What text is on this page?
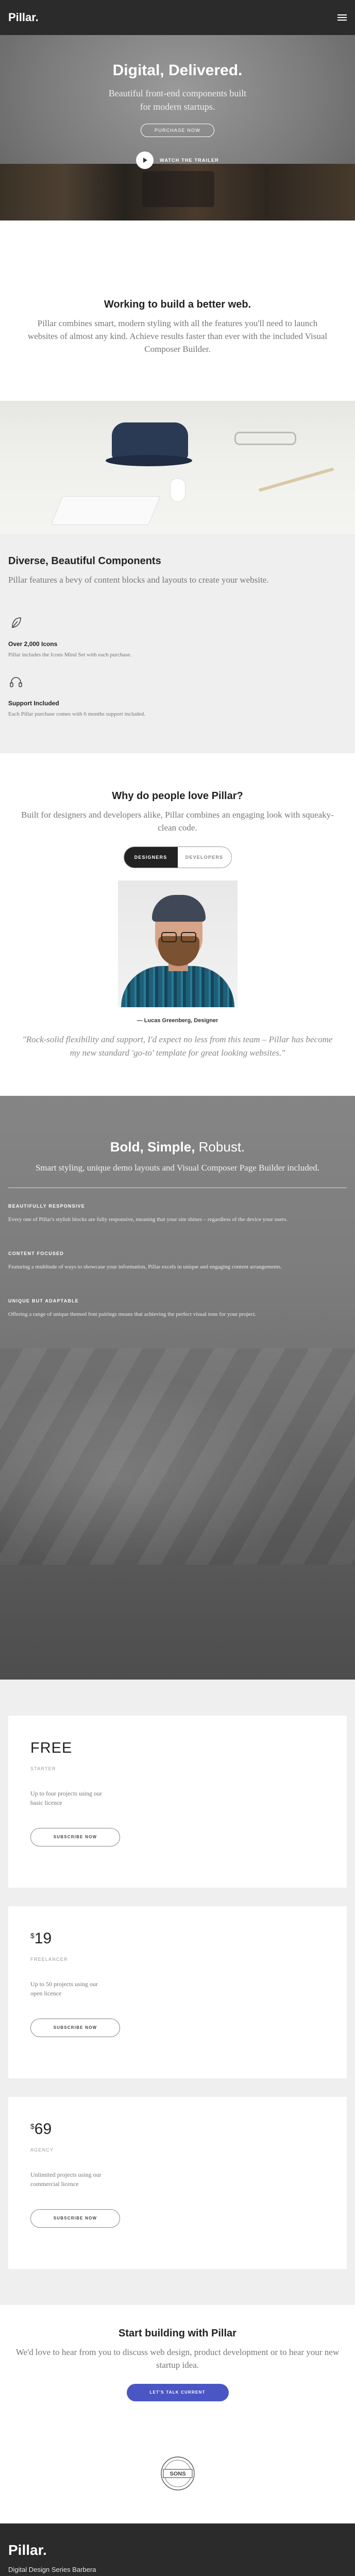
Pillar.
Digital, Delivered.

Beautiful front-end components built for modern startups.

PURCHASE NOW
WATCH THE TRAILER
Working to build a better web.

Pillar combines smart, modern styling with all the features you'll need to launch websites of almost any kind. Achieve results faster than ever with the included Visual Composer Builder.

Diverse, Beautiful Components

Pillar features a bevy of content blocks and layouts to create your website.

Over 2,000 Icons
Pillar includes the Icons Mind Set with each purchase.
Support Included
Each Pillar purchase comes with 6 months support included.
Why do people love Pillar?

Built for designers and developers alike, Pillar combines an engaging look with squeaky-clean code.

DESIGNERS	DEVELOPERS
— Lucas Greenberg, Designer

"Rock-solid flexibility and support, I'd expect no less from this team – Pillar has become my new standard 'go-to' template for great looking websites."

Bold, Simple, Robust.

Smart styling, unique demo layouts and Visual Composer Page Builder included.

BEAUTIFULLY RESPONSIVE
Every one of Pillar's stylish blocks are fully responsive, meaning that your site shines – regardless of the device your users.
CONTENT FOCUSED
Featuring a multitude of ways to showcase your information, Pillar excels in unique and engaging content arrangements.
UNIQUE BUT ADAPTABLE
Offering a range of unique themed font pairings means that achieving the perfect visual tone for your project.
FREE
STARTER
Up to four projects using our basic licence
SUBSCRIBE NOW
$19
FREELANCER
Up to 50 projects using our open licence
SUBSCRIBE NOW
$69
AGENCY
Unlimited projects using our commercial licence
SUBSCRIBE NOW
Start building with Pillar

We'd love to hear from you to discuss web design, product development or to hear your new startup idea.

LET'S TALK CURRENT
SONS
Pillar.
Digital Design Series Barbera
